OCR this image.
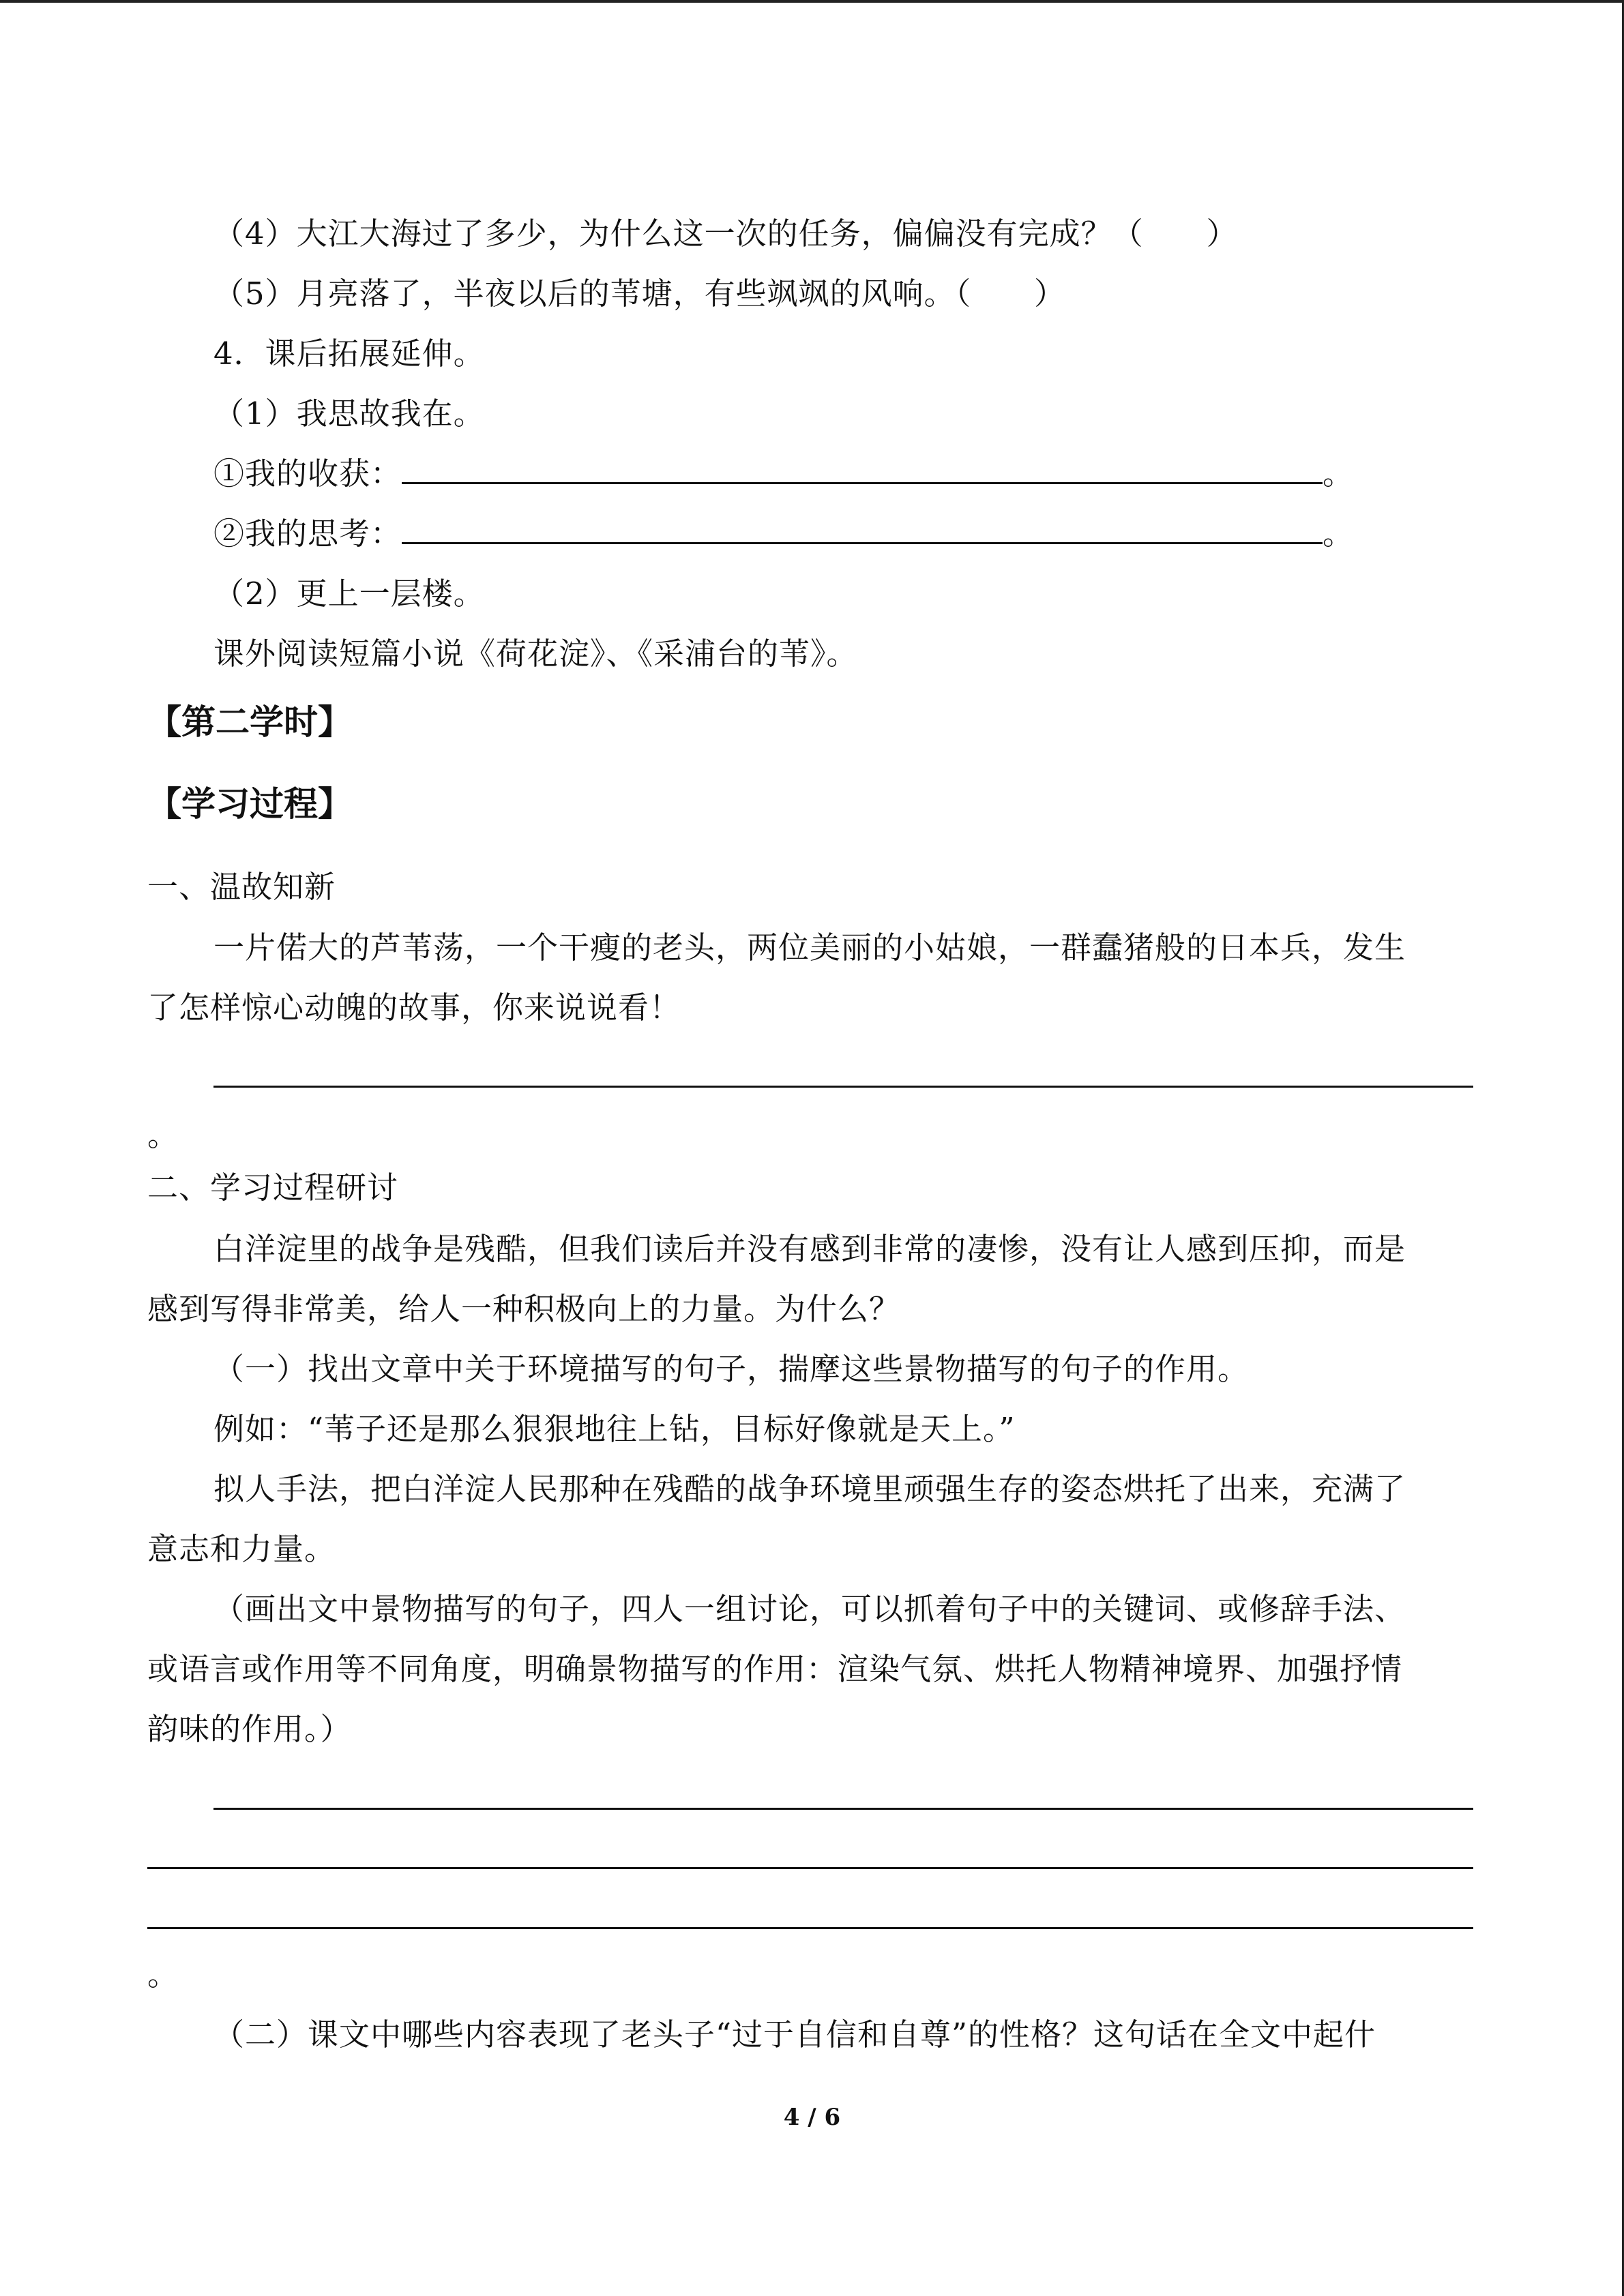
（4）大江大海过了多少，为什么这一次的任务，偏偏没有完成？（　　）
（5）月亮落了，半夜以后的苇塘，有些飒飒的风响。（　　）
4．课后拓展延伸。
（1）我思故我在。
①我的收获：	。
②我的思考：	。
（2）更上一层楼。
课外阅读短篇小说《荷花淀》、《采浦台的苇》。
【第二学时】
【学习过程】
一、温故知新
一片偌大的芦苇荡，一个干瘦的老头，两位美丽的小姑娘，一群蠢猪般的日本兵，发生
了怎样惊心动魄的故事，你来说说看！
。
二、学习过程研讨
白洋淀里的战争是残酷，但我们读后并没有感到非常的凄惨，没有让人感到压抑，而是
感到写得非常美，给人一种积极向上的力量。为什么？
（一）找出文章中关于环境描写的句子，揣摩这些景物描写的句子的作用。
例如：“苇子还是那么狠狠地往上钻，目标好像就是天上。”
拟人手法，把白洋淀人民那种在残酷的战争环境里顽强生存的姿态烘托了出来，充满了
意志和力量。
（画出文中景物描写的句子，四人一组讨论，可以抓着句子中的关键词、或修辞手法、
或语言或作用等不同角度，明确景物描写的作用：渲染气氛、烘托人物精神境界、加强抒情
韵味的作用。）
。
（二）课文中哪些内容表现了老头子“过于自信和自尊”的性格？这句话在全文中起什
4 / 6
